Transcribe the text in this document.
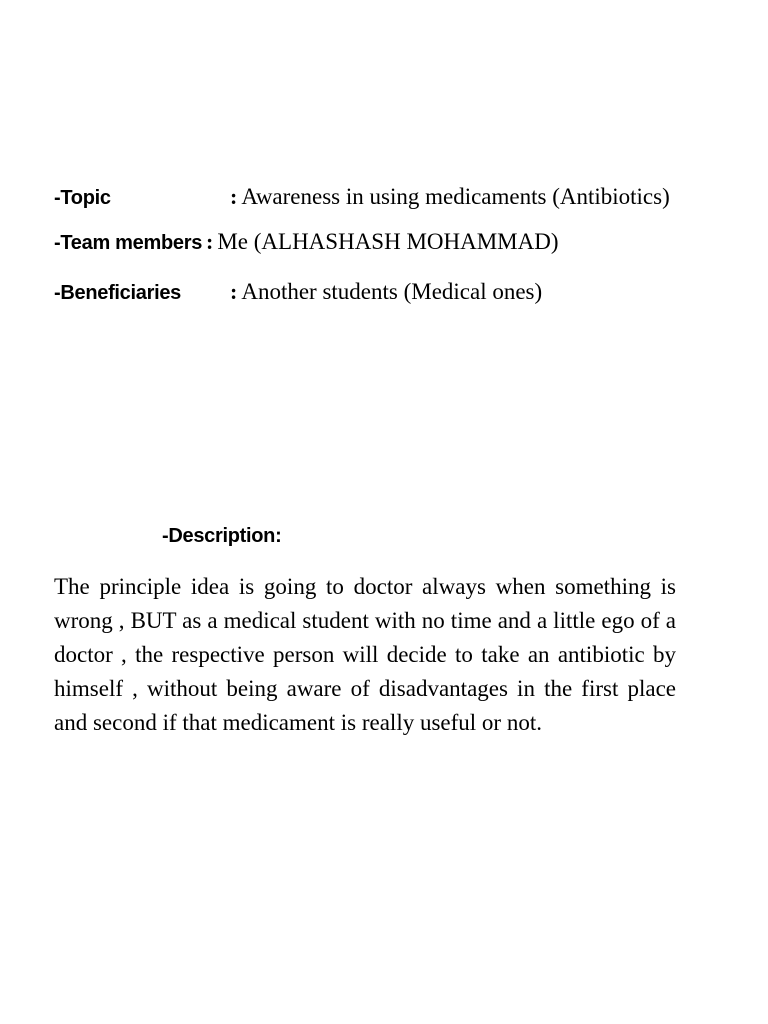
-Topic	: Awareness in using medicaments (Antibiotics)
-Team members : Me (ALHASHASH MOHAMMAD)
-Beneficiaries : Another students (Medical ones)
-Description:

The principle idea is going to doctor always when something is wrong , BUT as a medical student with no time and a little ego of a doctor , the respective person will decide to take an antibiotic by himself , without being aware of disadvantages in the first place and second if that medicament is really useful or not.
